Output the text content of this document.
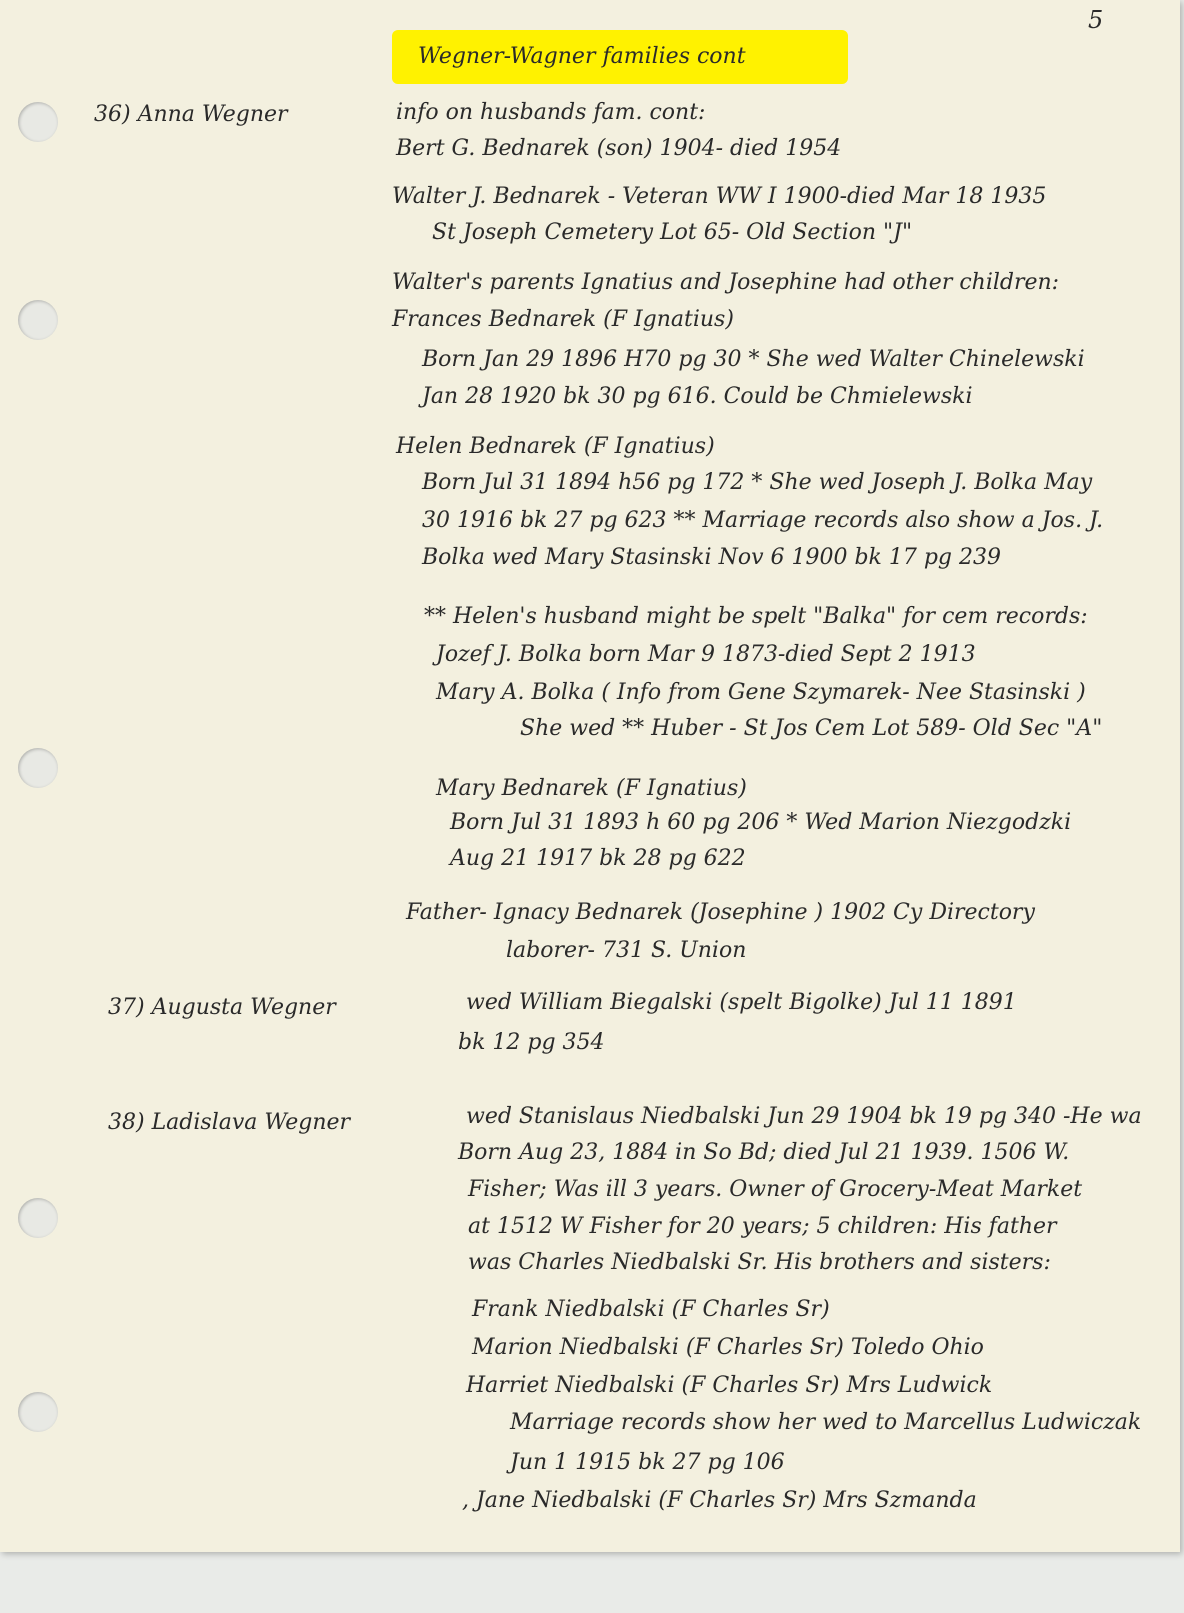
5
Wegner-Wagner families cont
36) Anna Wegner
37) Augusta Wegner
38) Ladislava Wegner
info on husbands fam. cont:
Bert G. Bednarek (son) 1904- died 1954
Walter J. Bednarek - Veteran WW I 1900-died Mar 18 1935
St Joseph Cemetery Lot 65- Old Section "J"
Walter's parents Ignatius and Josephine had other children:
Frances Bednarek (F Ignatius)
Born Jan 29 1896 H70 pg 30 * She wed Walter Chinelewski
Jan 28 1920 bk 30 pg 616. Could be Chmielewski
Helen Bednarek (F Ignatius)
Born Jul 31 1894 h56 pg 172 * She wed Joseph J. Bolka May
30 1916 bk 27 pg 623 ** Marriage records also show a Jos. J.
Bolka wed Mary Stasinski Nov 6 1900 bk 17 pg 239
** Helen's husband might be spelt "Balka" for cem records:
Jozef J. Bolka born Mar 9 1873-died Sept 2 1913
Mary A. Bolka ( Info from Gene Szymarek- Nee Stasinski )
She wed ** Huber - St Jos Cem Lot 589- Old Sec "A"
Mary Bednarek (F Ignatius)
Born Jul 31 1893 h 60 pg 206 * Wed Marion Niezgodzki
Aug 21 1917 bk 28 pg 622
Father- Ignacy Bednarek (Josephine ) 1902 Cy Directory
laborer- 731 S. Union
wed William Biegalski (spelt Bigolke) Jul 11 1891
bk 12 pg 354
wed Stanislaus Niedbalski Jun 29 1904 bk 19 pg 340 -He wa
Born Aug 23, 1884 in So Bd; died Jul 21 1939. 1506 W.
Fisher; Was ill 3 years. Owner of Grocery-Meat Market
at 1512 W Fisher for 20 years; 5 children: His father
was Charles Niedbalski Sr. His brothers and sisters:
Frank Niedbalski (F Charles Sr)
Marion Niedbalski (F Charles Sr) Toledo Ohio
Harriet Niedbalski (F Charles Sr) Mrs Ludwick
Marriage records show her wed to Marcellus Ludwiczak
Jun 1 1915 bk 27 pg 106
, Jane Niedbalski (F Charles Sr) Mrs Szmanda
